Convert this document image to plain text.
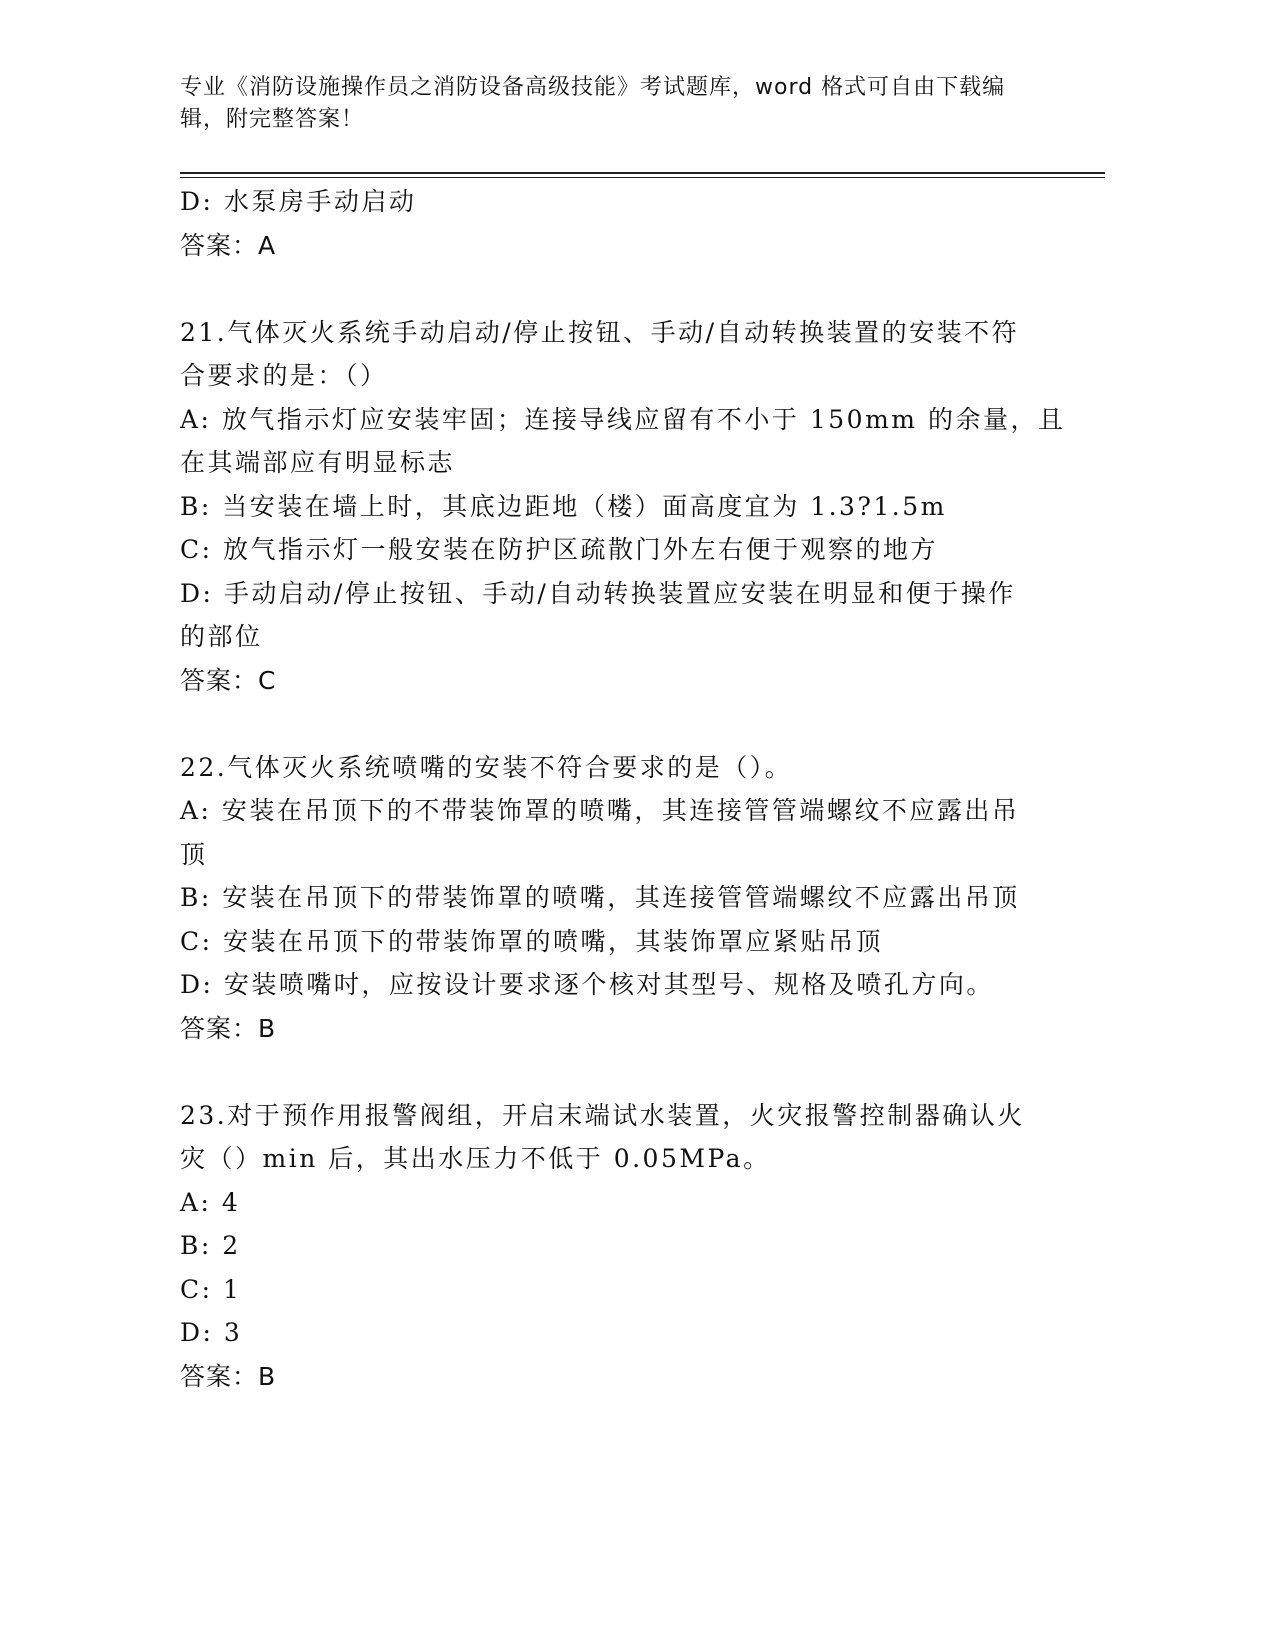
专业《消防设施操作员之消防设备高级技能》考试题库，word 格式可自由下载编
辑，附完整答案！
D: 水泵房手动启动
答案：A
21.气体灭火系统手动启动/停止按钮、手动/自动转换装置的安装不符
合要求的是：（）
A: 放气指示灯应安装牢固；连接导线应留有不小于 150mm 的余量，且
在其端部应有明显标志
B: 当安装在墙上时，其底边距地（楼）面高度宜为 1.3?1.5m
C: 放气指示灯一般安装在防护区疏散门外左右便于观察的地方
D: 手动启动/停止按钮、手动/自动转换装置应安装在明显和便于操作
的部位
答案：C
22.气体灭火系统喷嘴的安装不符合要求的是（）。
A: 安装在吊顶下的不带装饰罩的喷嘴，其连接管管端螺纹不应露出吊
顶
B: 安装在吊顶下的带装饰罩的喷嘴，其连接管管端螺纹不应露出吊顶
C: 安装在吊顶下的带装饰罩的喷嘴，其装饰罩应紧贴吊顶
D: 安装喷嘴吋，应按设计要求逐个核对其型号、规格及喷孔方向。
答案：B
23.对于预作用报警阀组，开启末端试水装置，火灾报警控制器确认火
灾（）min 后，其出水压力不低于 0.05MPa。
A: 4
B: 2
C: 1
D: 3
答案：B
